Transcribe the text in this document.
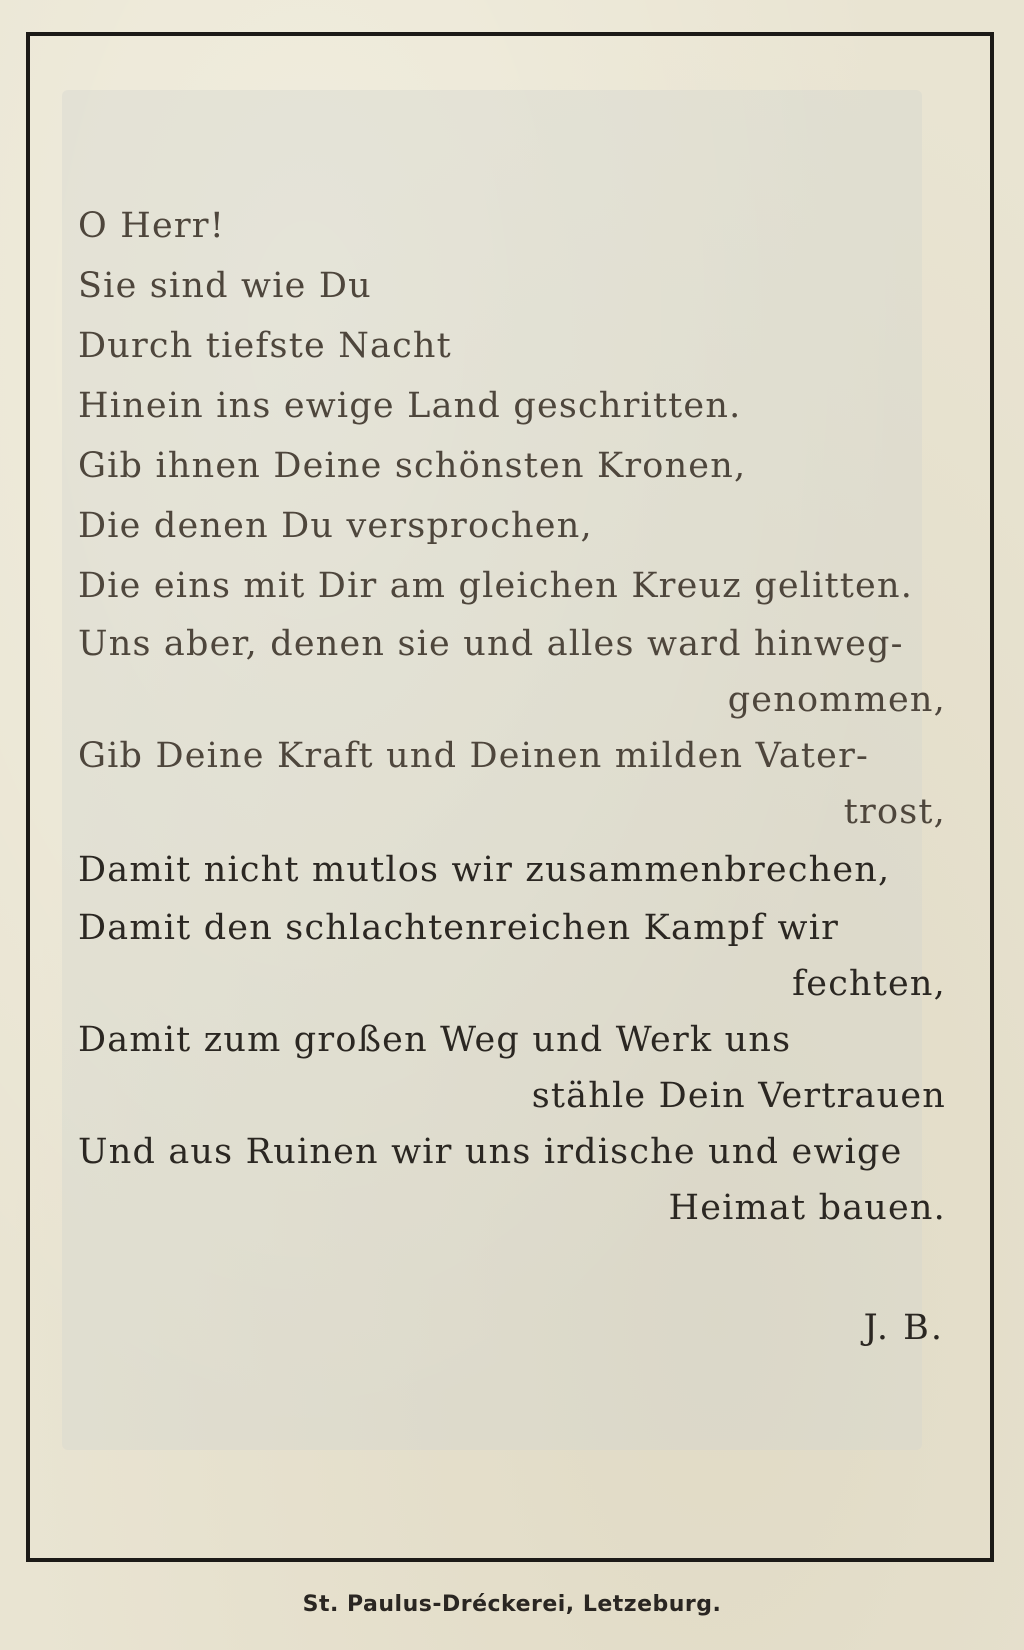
O Herr!
Sie sind wie Du
Durch tiefste Nacht
Hinein ins ewige Land geschritten.
Gib ihnen Deine schönsten Kronen,
Die denen Du versprochen,
Die eins mit Dir am gleichen Kreuz gelitten.
Uns aber, denen sie und alles ward hinweg-
genommen,
Gib Deine Kraft und Deinen milden Vater-
trost,
Damit nicht mutlos wir zusammenbrechen,
Damit den schlachtenreichen Kampf wir
fechten,
Damit zum großen Weg und Werk uns
stähle Dein Vertrauen
Und aus Ruinen wir uns irdische und ewige
Heimat bauen.
J. B.
St. Paulus-Dréckerei, Letzeburg.
